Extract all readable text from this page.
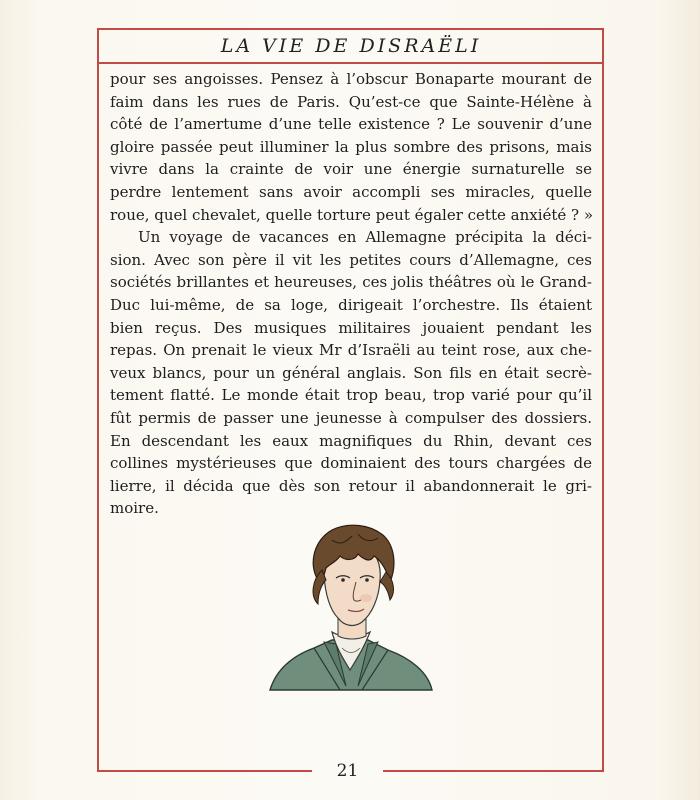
LA VIE DE DISRAËLI
pour ses angoisses. Pensez à l’obscur Bonaparte mourant de
faim dans les rues de Paris. Qu’est-ce que Sainte-Hélène à
côté de l’amertume d’une telle existence ? Le souvenir d’une
gloire passée peut illuminer la plus sombre des prisons, mais
vivre dans la crainte de voir une énergie surnaturelle se
perdre lentement sans avoir accompli ses miracles, quelle
roue, quel chevalet, quelle torture peut égaler cette anxiété ? »
Un voyage de vacances en Allemagne précipita la déci-
sion. Avec son père il vit les petites cours d’Allemagne, ces
sociétés brillantes et heureuses, ces jolis théâtres où le Grand-
Duc lui-même, de sa loge, dirigeait l’orchestre. Ils étaient
bien reçus. Des musiques militaires jouaient pendant les
repas. On prenait le vieux Mr d’Israëli au teint rose, aux che-
veux blancs, pour un général anglais. Son fils en était secrè-
tement flatté. Le monde était trop beau, trop varié pour qu’il
fût permis de passer une jeunesse à compulser des dossiers.
En descendant les eaux magnifiques du Rhin, devant ces
collines mystérieuses que dominaient des tours chargées de
lierre, il décida que dès son retour il abandonnerait le gri-
moire.
21
